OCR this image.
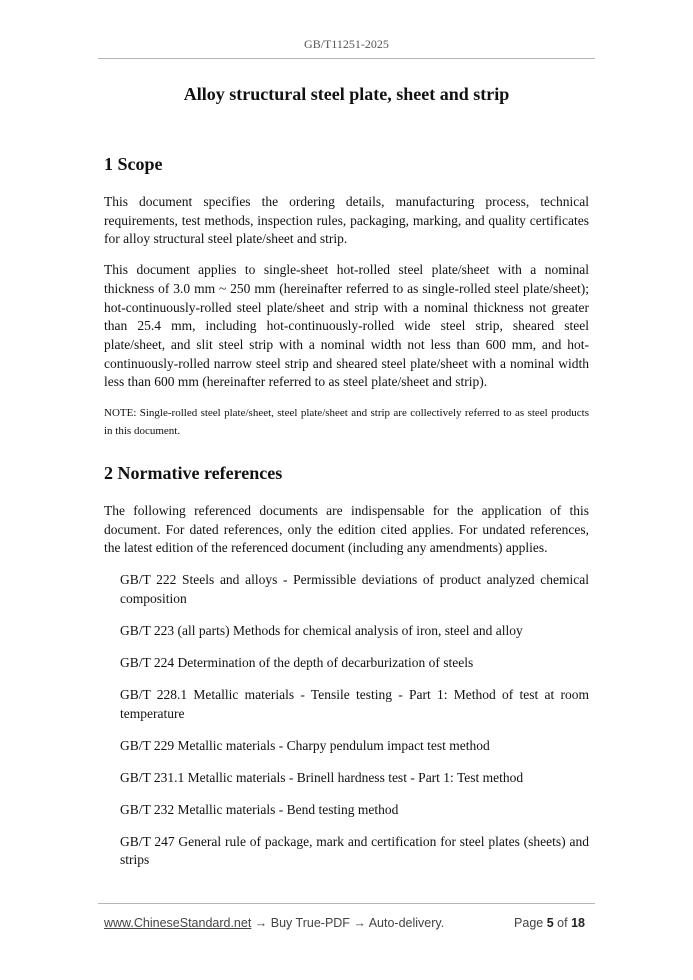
GB/T11251-2025
Alloy structural steel plate, sheet and strip
1 Scope

This document specifies the ordering details, manufacturing process, technical requirements, test methods, inspection rules, packaging, marking, and quality certificates for alloy structural steel plate/sheet and strip.

This document applies to single-sheet hot-rolled steel plate/sheet with a nominal thickness of 3.0 mm ~ 250 mm (hereinafter referred to as single-rolled steel plate/sheet); hot-continuously-rolled steel plate/sheet and strip with a nominal thickness not greater than 25.4 mm, including hot-continuously-rolled wide steel strip, sheared steel plate/sheet, and slit steel strip with a nominal width not less than 600 mm, and hot-continuously-rolled narrow steel strip and sheared steel plate/sheet with a nominal width less than 600 mm (hereinafter referred to as steel plate/sheet and strip).

NOTE: Single-rolled steel plate/sheet, steel plate/sheet and strip are collectively referred to as steel products in this document.

2 Normative references

The following referenced documents are indispensable for the application of this document. For dated references, only the edition cited applies. For undated references, the latest edition of the referenced document (including any amendments) applies.

GB/T 222 Steels and alloys - Permissible deviations of product analyzed chemical composition
GB/T 223 (all parts) Methods for chemical analysis of iron, steel and alloy
GB/T 224 Determination of the depth of decarburization of steels
GB/T 228.1 Metallic materials - Tensile testing - Part 1: Method of test at room temperature
GB/T 229 Metallic materials - Charpy pendulum impact test method
GB/T 231.1 Metallic materials - Brinell hardness test - Part 1: Test method
GB/T 232 Metallic materials - Bend testing method
GB/T 247 General rule of package, mark and certification for steel plates (sheets) and strips
www.ChineseStandard.net → Buy True-PDF → Auto-delivery.	Page 5 of 18
